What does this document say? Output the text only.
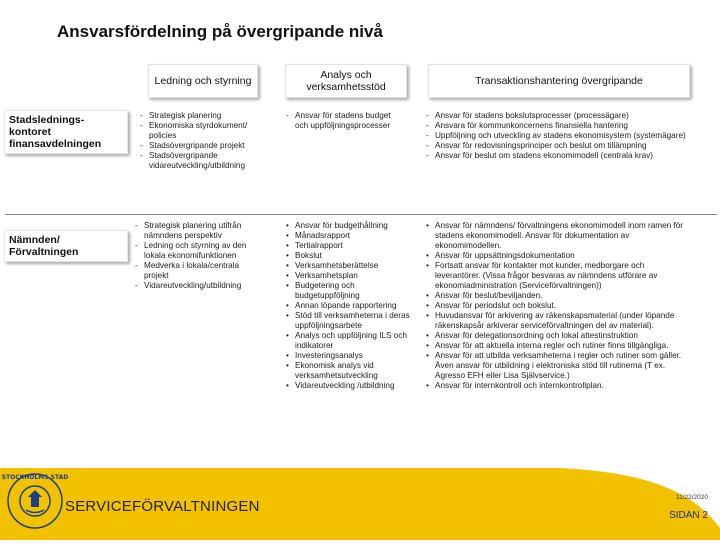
Ansvarsfördelning på övergripande nivå
Ledning och styrning	Analys och verksamhetsstöd	Transaktionshantering övergripande
Stadslednings-kontoret finansavdelningen
Nämnden/ Förvaltningen
- Strategisk planering
- Ekonomiska styrdokument/ policies
- Stadsövergripande projekt
- Stadsövergripande vidareutveckling/utbildning
- Ansvar för stadens budget och uppföljningsprocesser
- Ansvar för stadens bokslutsprocesser (processägare)
- Ansvara för kommunkoncernens finansiella hantering
- Uppföljning och utveckling av stadens ekonomisystem (systemägare)
- Ansvar för redovisningsprinciper och beslut om tillämpning
- Ansvar för beslut om stadens ekonomimodell (centrala krav)
- Strategisk planering utifrån nämndens perspektiv
- Ledning och styrning av den lokala ekonomifunktionen
- Medverka i lokala/centrala projekt
- Vidareutveckling/utbildning
• Ansvar för budgethållning
• Månadsrapport
• Tertialrapport
• Bokslut
• Verksamhetsberättelse
• Verksamhetsplan
• Budgetering och budgetuppföljning
• Annan löpande rapportering
• Stöd till verksamheterna i deras uppföljningsarbete
• Analys och uppföljning ILS och indikatorer
• Investeringsanalys
• Ekonomisk analys vid verksamhetsutveckling
• Vidareutveckling /utbildning
• Ansvar för nämndens/ förvaltningens ekonomimodell inom ramen för stadens ekonomimodell. Ansvar för dokumentation av ekonomimodellen.
• Ansvar för uppsättningsdokumentation
• Fortsatt ansvar för kontakter mot kunder, medborgare och leverantörer. (Vissa frågor besvaras av nämndens utförare av ekonomiadministration (Serviceförvaltningen))
• Ansvar för beslut/beviljanden.
• Ansvar för periodslut och bokslut.
• Huvudansvar för arkivering av räkenskapsmaterial (under löpande räkenskapsår arkiverar serviceförvaltningen del av material).
• Ansvar för delegationsordning och lokal attestinstruktion
• Ansvar för att aktuella interna regler och rutiner finns tillgängliga.
• Ansvar för att utbilda verksamheterna i regler och rutiner som gäller. Även ansvar för utbildning i elektroniska stöd till rutinerna (T ex. Agresso EFH eller Lisa Självservice.)
• Ansvar för internkontroll och internkontrollplan.
STOCKHOLMS STAD
SERVICEFÖRVALTNINGEN
11/22/2020
SIDAN 2
